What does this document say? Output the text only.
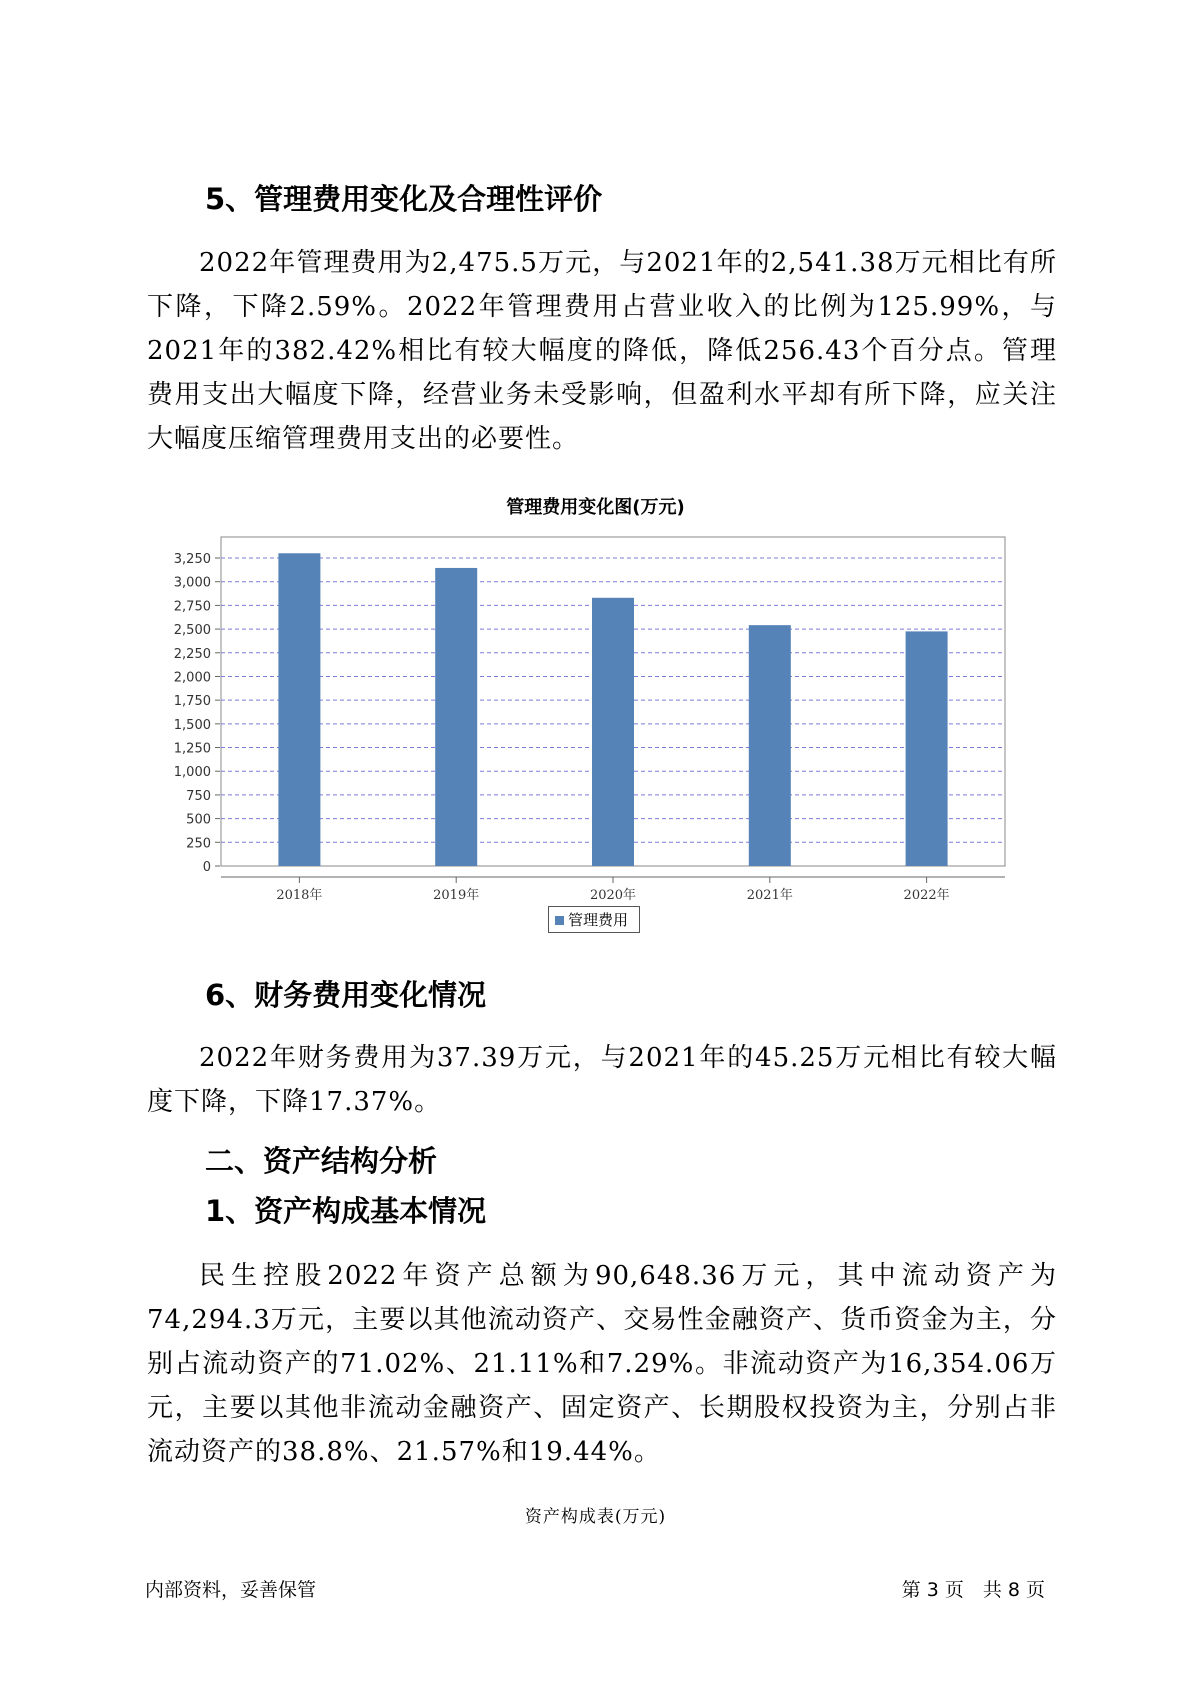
5、管理费用变化及合理性评价

2022年管理费用为2,475.5万元，与2021年的2,541.38万元相比有所下降，下降2.59%。2022年管理费用占营业收入的比例为125.99%，与2021年的382.42%相比有较大幅度的降低，降低256.43个百分点。管理费用支出大幅度下降，经营业务未受影响，但盈利水平却有所下降，应关注大幅度压缩管理费用支出的必要性。

管理费用变化图(万元)
0
250
500
750
1,000
1,250
1,500
1,750
2,000
2,250
2,500
2,750
3,000
3,250
2018年	2019年	2020年	2021年	2022年
管理费用
6、财务费用变化情况

2022年财务费用为37.39万元，与2021年的45.25万元相比有较大幅度下降，下降17.37%。

二、资产结构分析
1、资产构成基本情况

民生控股2022年资产总额为90,648.36万元，其中流动资产为74,294.3万元，主要以其他流动资产、交易性金融资产、货币资金为主，分别占流动资产的71.02%、21.11%和7.29%。非流动资产为16,354.06万元，主要以其他非流动金融资产、固定资产、长期股权投资为主，分别占非流动资产的38.8%、21.57%和19.44%。

资产构成表(万元)
内部资料，妥善保管	第 3 页　共 8 页
